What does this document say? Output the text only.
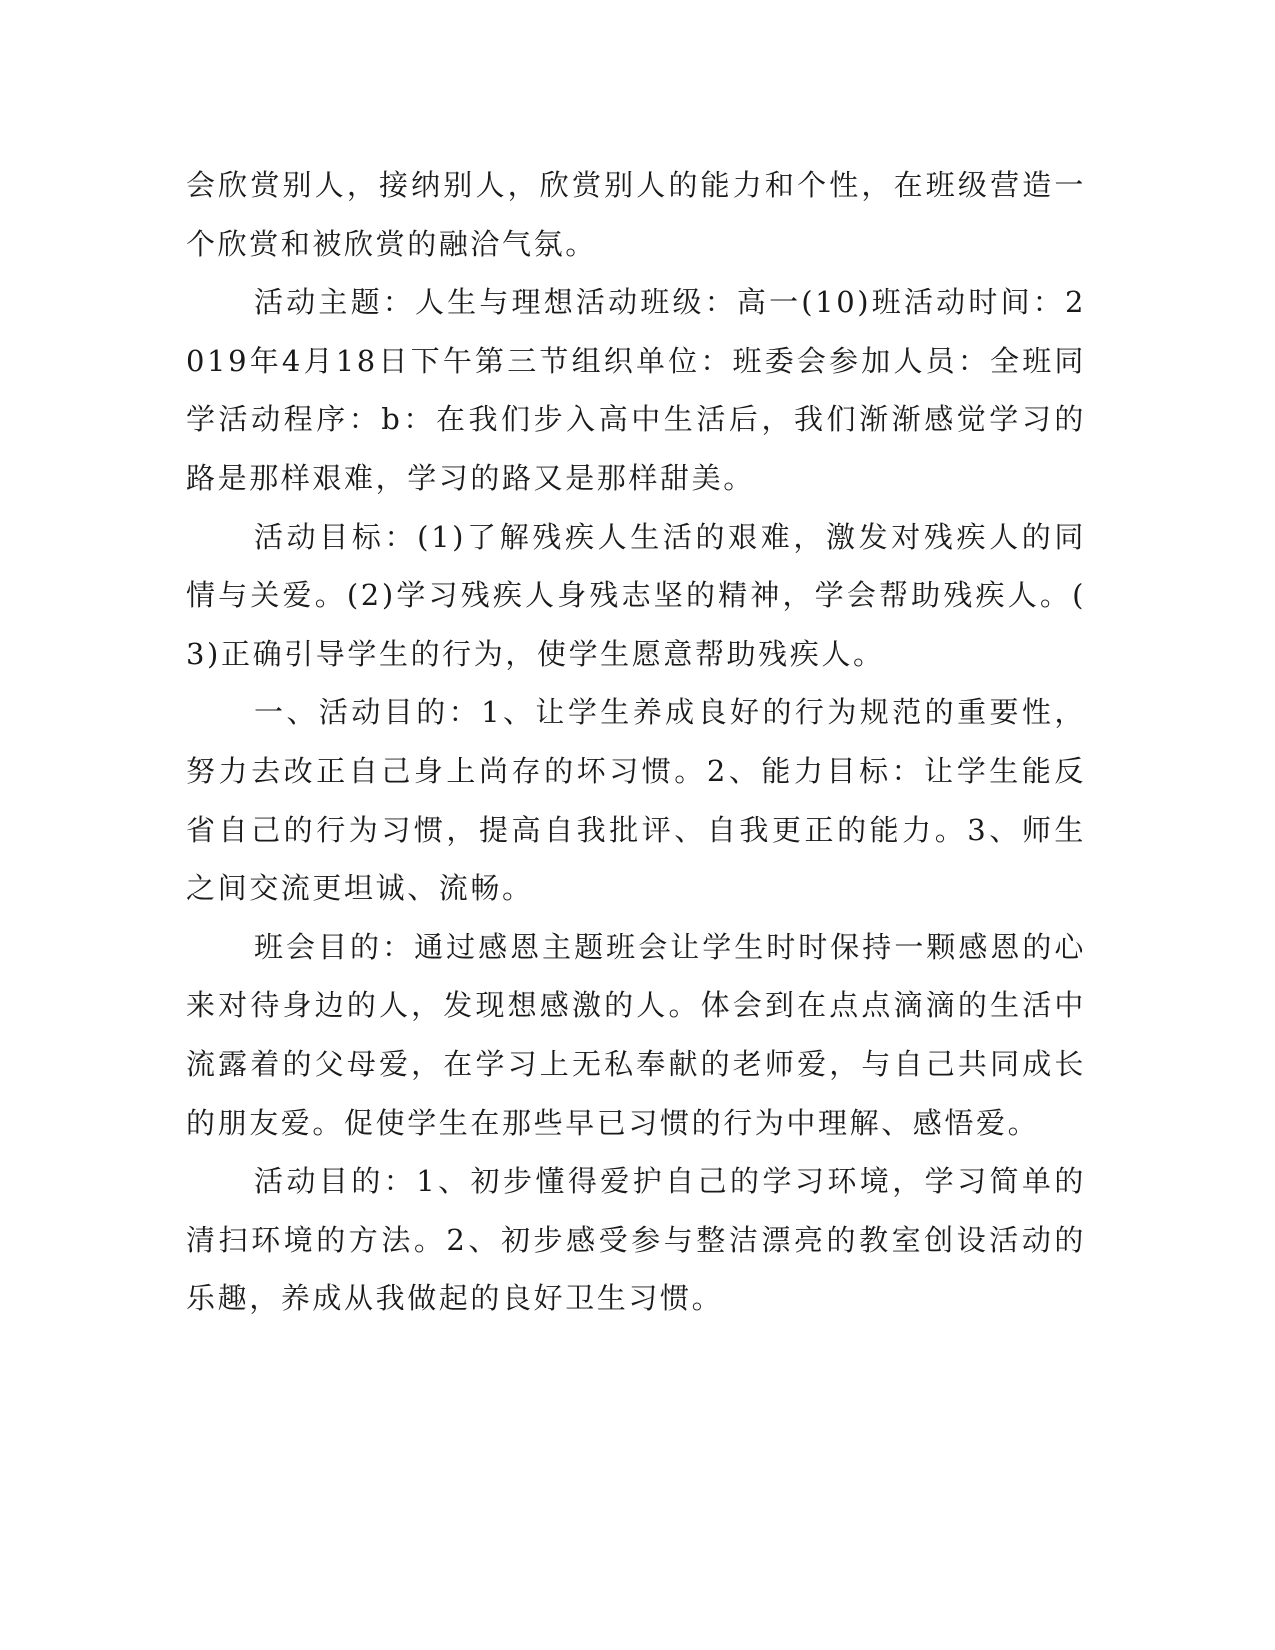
会欣赏别人，接纳别人，欣赏别人的能力和个性，在班级营造一个欣赏和被欣赏的融洽气氛。

活动主题：人生与理想活动班级：高一(10)班活动时间：2019年4月18日下午第三节组织单位：班委会参加人员：全班同学活动程序：b：在我们步入高中生活后，我们渐渐感觉学习的路是那样艰难，学习的路又是那样甜美。

活动目标：(1)了解残疾人生活的艰难，激发对残疾人的同情与关爱。(2)学习残疾人身残志坚的精神，学会帮助残疾人。(3)正确引导学生的行为，使学生愿意帮助残疾人。

一、活动目的：1、让学生养成良好的行为规范的重要性，努力去改正自己身上尚存的坏习惯。2、能力目标：让学生能反省自己的行为习惯，提高自我批评、自我更正的能力。3、师生之间交流更坦诚、流畅。

班会目的：通过感恩主题班会让学生时时保持一颗感恩的心来对待身边的人，发现想感激的人。体会到在点点滴滴的生活中流露着的父母爱，在学习上无私奉献的老师爱，与自己共同成长的朋友爱。促使学生在那些早已习惯的行为中理解、感悟爱。

活动目的：1、初步懂得爱护自己的学习环境，学习简单的清扫环境的方法。2、初步感受参与整洁漂亮的教室创设活动的乐趣，养成从我做起的良好卫生习惯。
